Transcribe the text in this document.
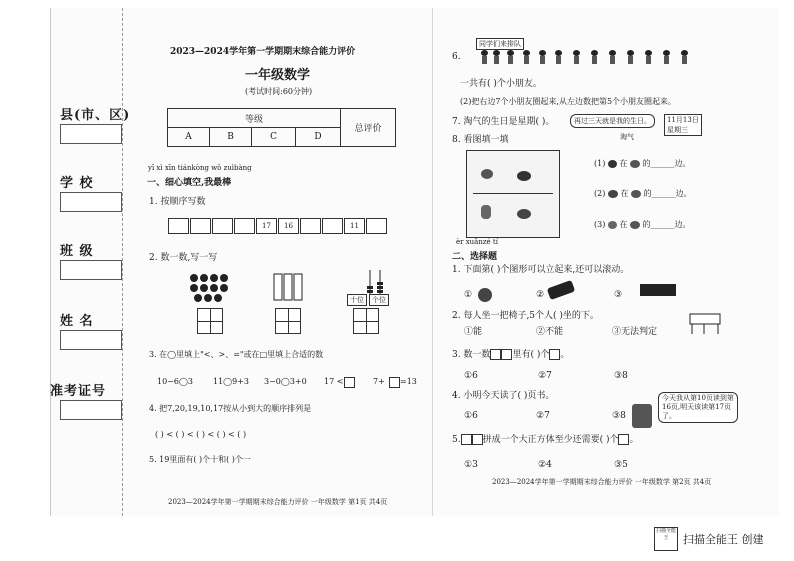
县(市、区)
学 校
班 级
姓 名
准考证号
2023—2024学年第一学期期末综合能力评价
一年级数学
(考试时间:60分钟)
等级				总评价
A	B	C	D	
yī xì xīn tiánkòng wǒ zuìbàng
一、细心填空,我最棒
1. 按顺序写数
17	16	11
2. 数一数,写一写
十位	个位
3. 在◯里填上"<、>、="或在□里填上合适的数
10−6◯3 11◯9+3 3−0◯3+0 17 <	7+ =13
4. 把7,20,19,10,17按从小到大的顺序排列是
( ) < ( ) < ( ) < ( ) < ( )
5. 19里面有( )个十和( )个一
2023—2024学年第一学期期末综合能力评价 一年级数学 第1页 共4页
6.
同学们来排队
一共有( )个小朋友。
(2)把右边7个小朋友圈起来,从左边数把第5个小朋友圈起来。
7. 淘气的生日是星期( )。	再过三天就是我的生日。
淘气
11月13日
星期三
8. 看图填一填
(1) 在 的______边。
(2) 在 的______边。
(3) 在 的______边。
èr xuǎnzé tí
二、选择题
1. 下面第( )个图形可以立起来,还可以滚动。
①	②	③
2. 每人坐一把椅子,5个人( )坐的下。
①能	②不能	③无法判定
3. 数一数 里有( )个 。
①6	②7	③8
4. 小明今天读了( )页书。	今天我从第10页读到第16页,明天该读第17页了。
①6	②7	③8
5. 拼成一个大正方体至少还需要( )个 。
①3	②4	③5
2023—2024学年第一学期期末综合能力评价 一年级数学 第2页 共4页
扫描全能王	扫描全能王 创建
